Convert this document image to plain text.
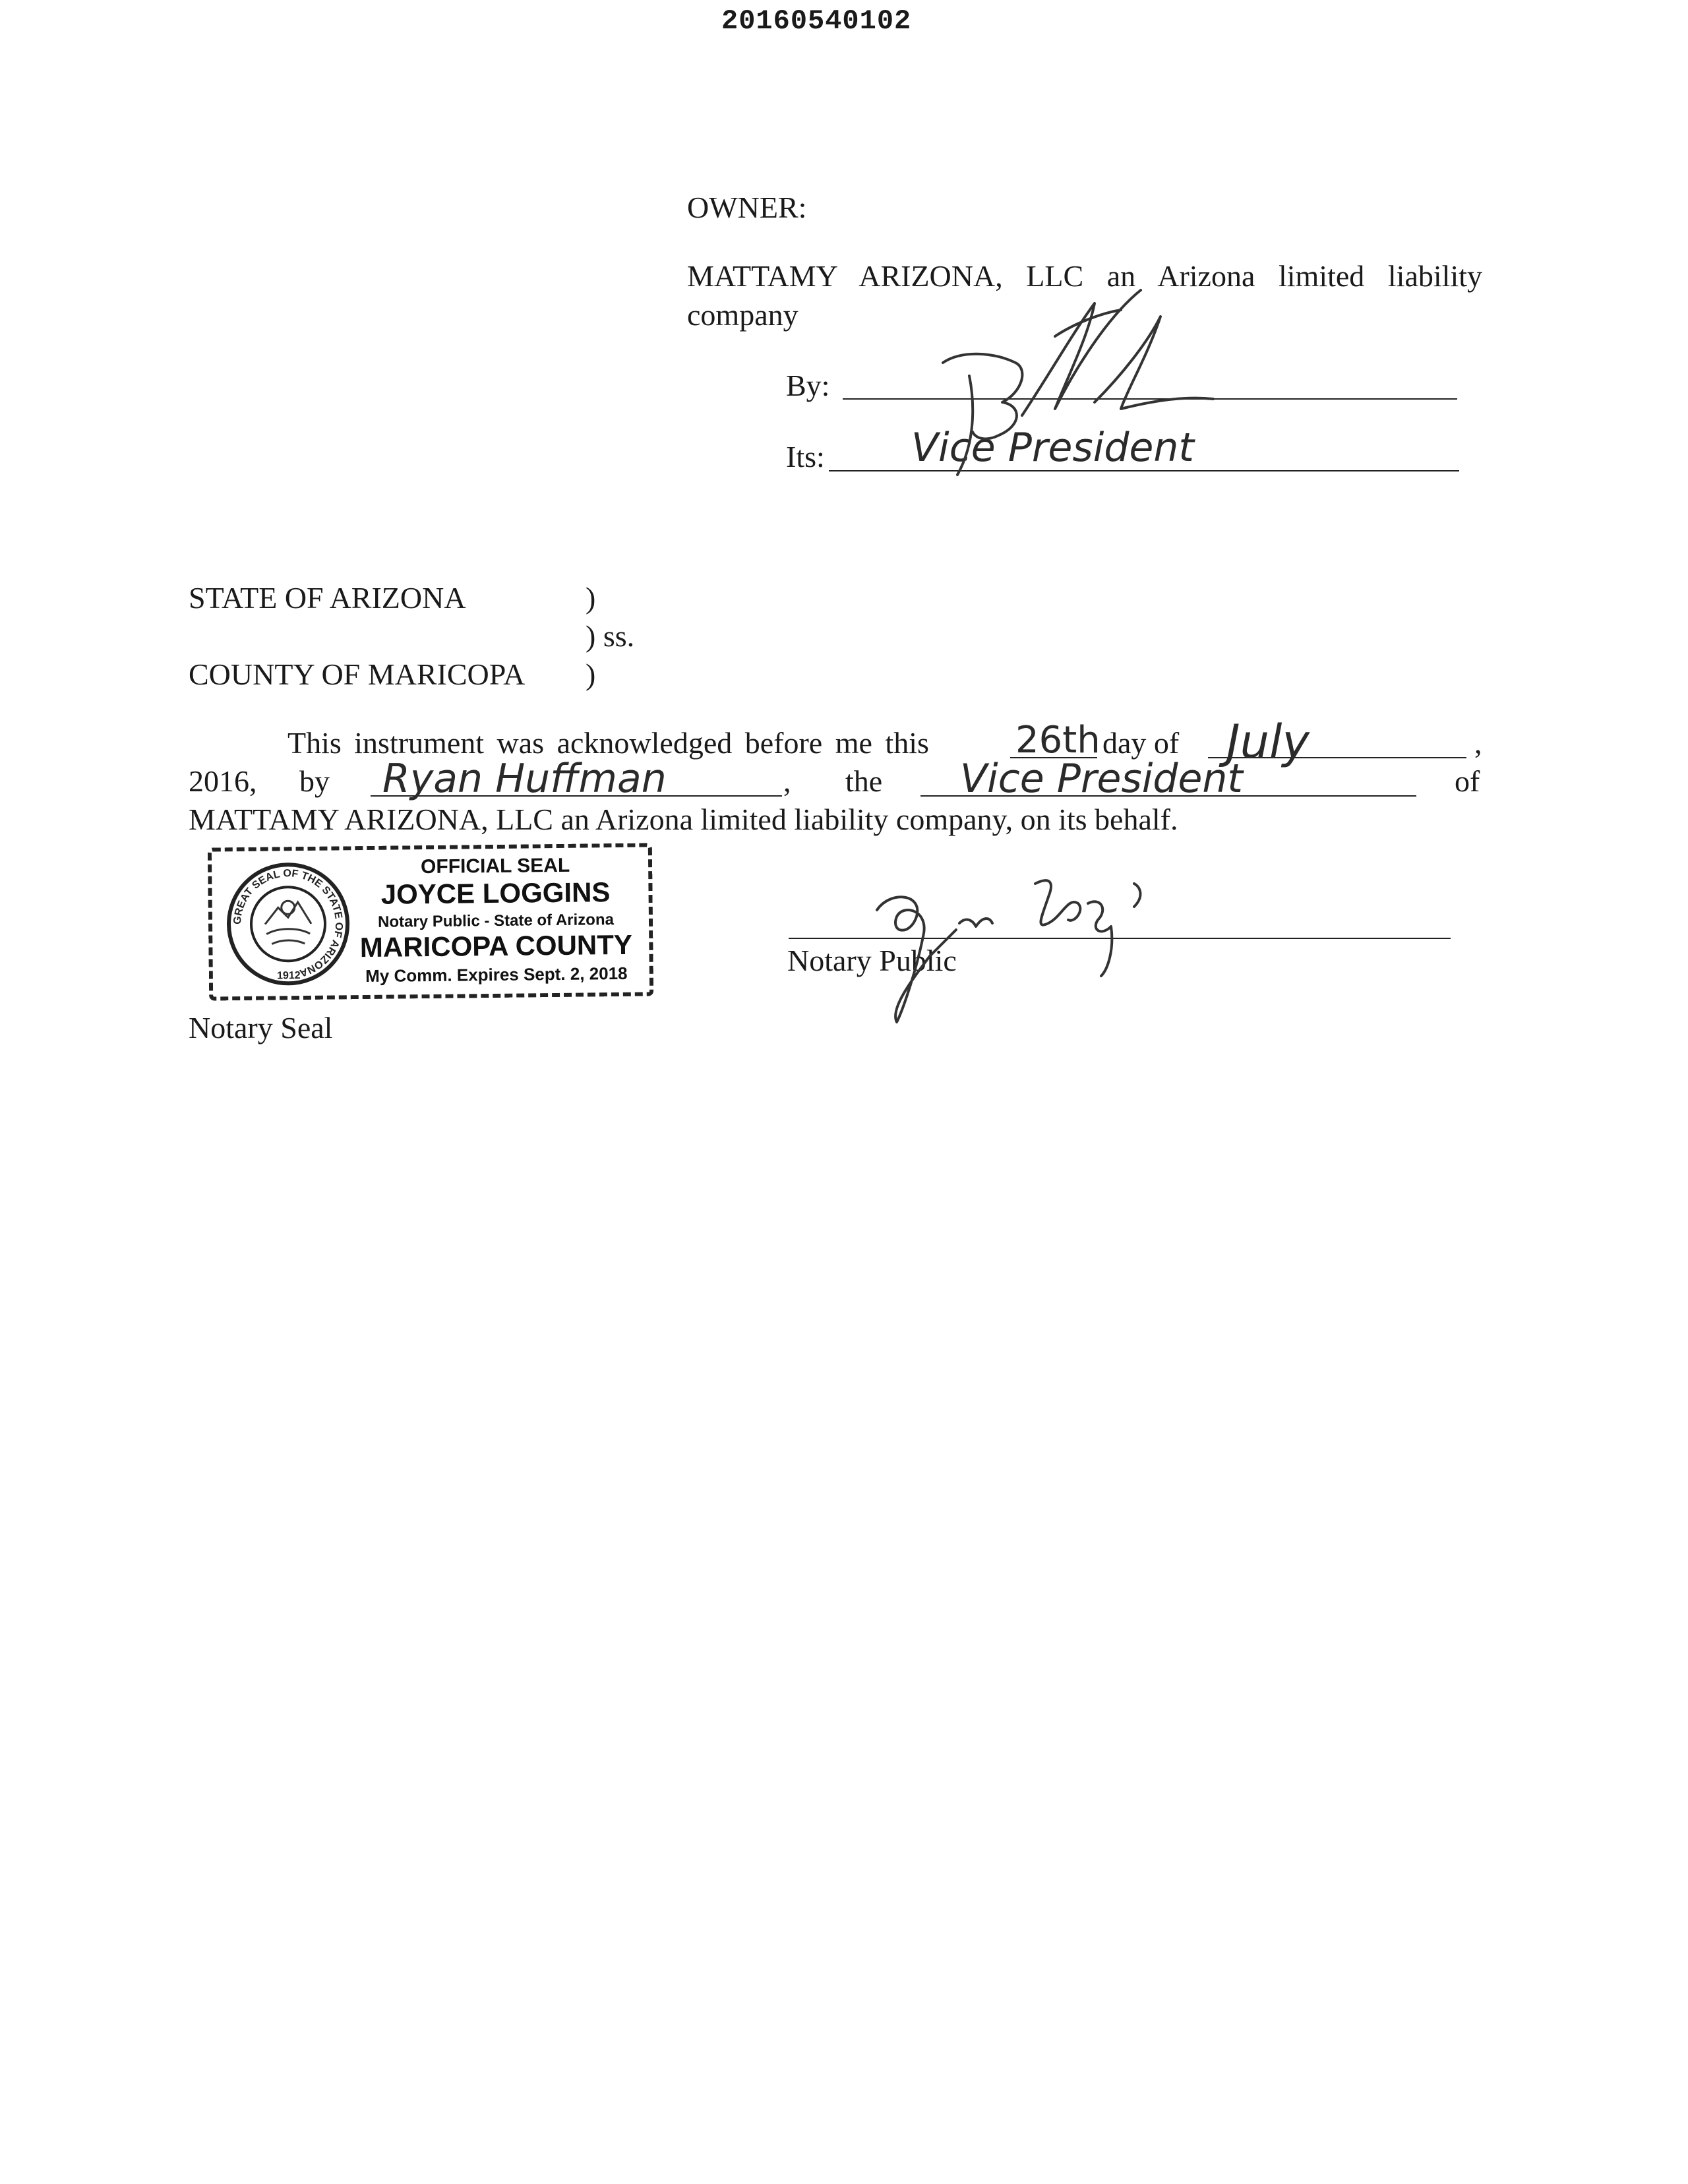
20160540102
OWNER:
MATTAMY ARIZONA, LLC an Arizona limited liability
company
By:
Its: Vice President
STATE OF ARIZONA	)
) ss.
COUNTY OF MARICOPA )
This instrument was acknowledged before me this 26th day of July	,
2016, by Ryan Huffman	, the Vice President	of
MATTAMY ARIZONA, LLC an Arizona limited liability company, on its behalf.
GREAT SEAL OF THE STATE OF ARIZONA
1912
OFFICIAL SEAL
JOYCE LOGGINS
Notary Public - State of Arizona
MARICOPA COUNTY
My Comm. Expires Sept. 2, 2018	Notary Public
Notary Seal
